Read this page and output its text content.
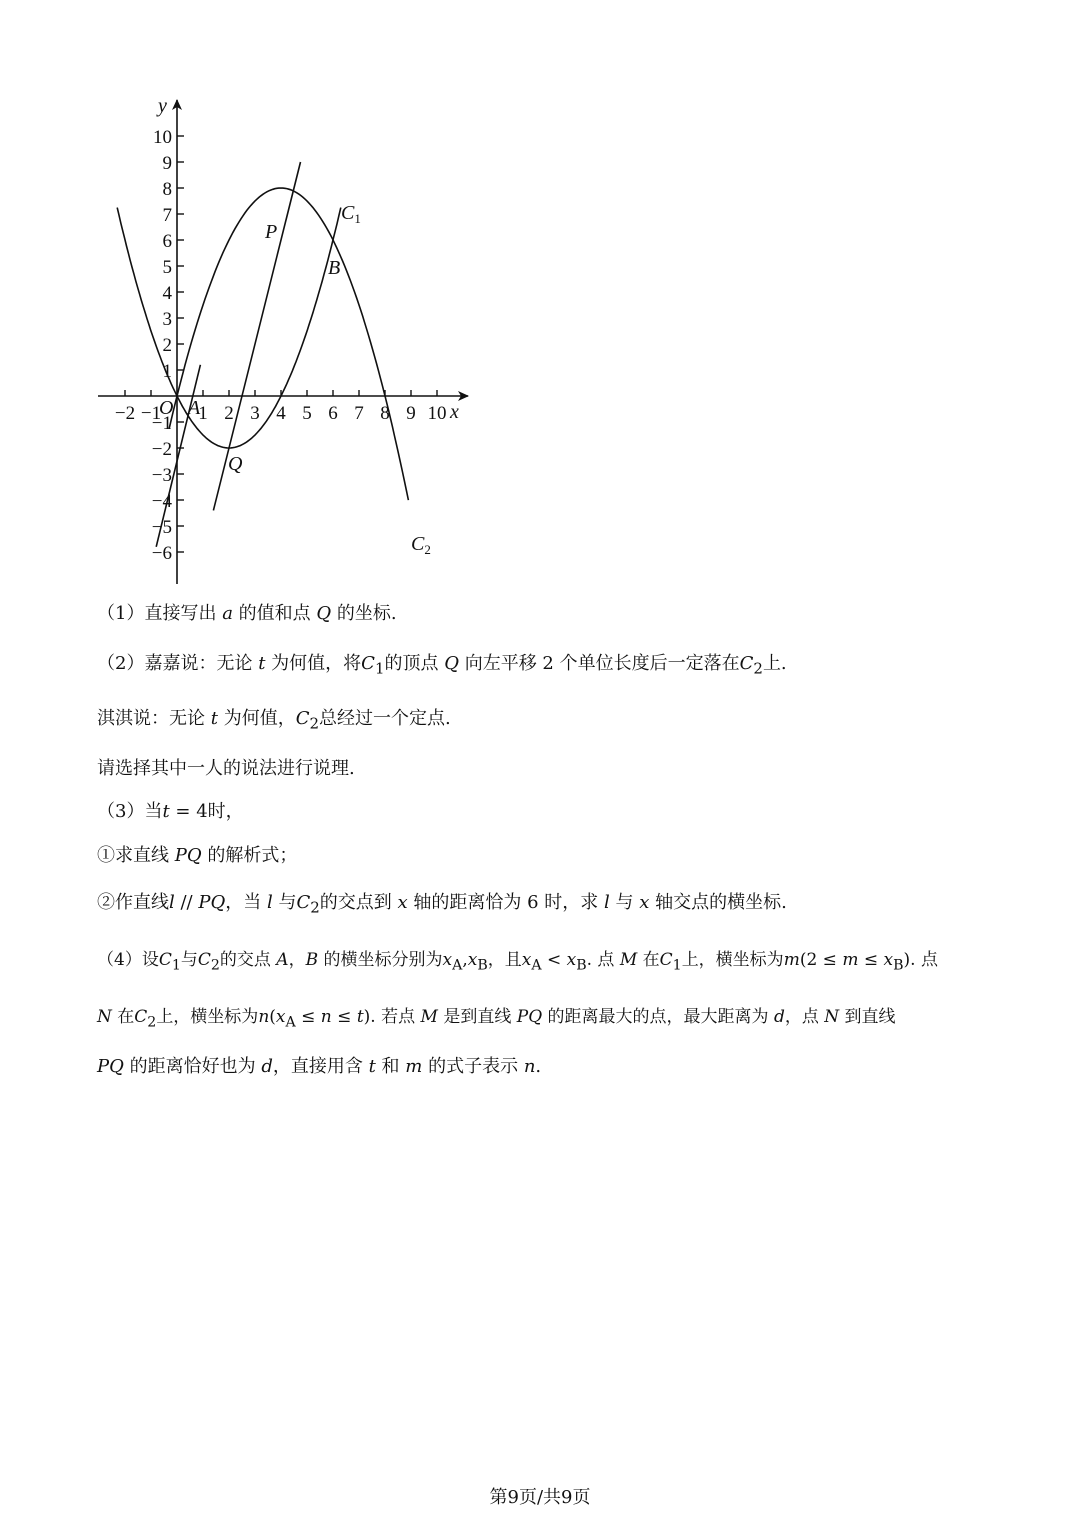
−2 −1 1 2 3 4 5 6 7 8 9 10
10
9
8
7
6
5
4
3
2
1
−1
−2
−3
−4
−5
−6
y
x
O
P
Q
A
B
$C_1$
$C_2$
（1）直接写出 a 的值和点 Q 的坐标.
（2）嘉嘉说：无论 t 为何值，将$C_1$的顶点 Q 向左平移 2 个单位长度后一定落在$C_2$上.
淇淇说：无论 t 为何值，$C_2$总经过一个定点.
请选择其中一人的说法进行说理.
（3）当t = 4时，
①求直线 PQ 的解析式；
②作直线l // PQ，当 l 与$C_2$的交点到 x 轴的距离恰为 6 时，求 l 与 x 轴交点的横坐标.
（4）设$C_1$与$C_2$的交点 A，B 的横坐标分别为$x_A,x_B$，且$x_A < x_B$. 点 M 在$C_1$上，横坐标为$m(2 \le m \le x_B)$. 点
N 在$C_2$上，横坐标为$n(x_A \le n \le t)$. 若点 M 是到直线 PQ 的距离最大的点，最大距离为 d，点 N 到直线
PQ 的距离恰好也为 d，直接用含 t 和 m 的式子表示 n.
第9页/共9页
